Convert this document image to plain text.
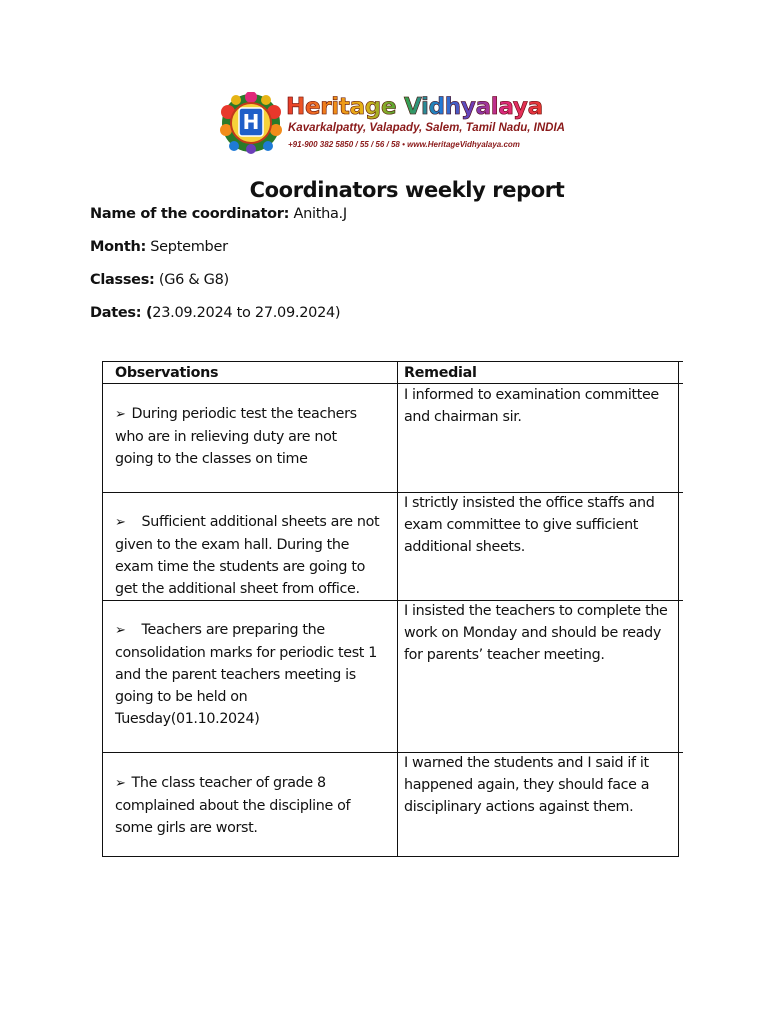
H
Heritage Vidhyalaya
Kavarkalpatty, Valapady, Salem, Tamil Nadu, INDIA
+91-900 382 5850 / 55 / 56 / 58 • www.HeritageVidhyalaya.com
Coordinators weekly report
Name of the coordinator: Anitha.J
Month: September
Classes: (G6 & G8)
Dates: (23.09.2024 to 27.09.2024)
Observations	Remedial
➢ During periodic test the teachers who are in relieving duty are not going to the classes on time
I informed to examination committee and chairman sir.
➢ Sufficient additional sheets are not given to the exam hall. During the exam time the students are going to get the additional sheet from office.
I strictly insisted the office staffs and exam committee to give sufficient additional sheets.
➢ Teachers are preparing the consolidation marks for periodic test 1 and the parent teachers meeting is going to be held on Tuesday(01.10.2024)
I insisted the teachers to complete the work on Monday and should be ready for parents’ teacher meeting.
➢ The class teacher of grade 8 complained about the discipline of some girls are worst.
I warned the students and I said if it happened again, they should face a disciplinary actions against them.
